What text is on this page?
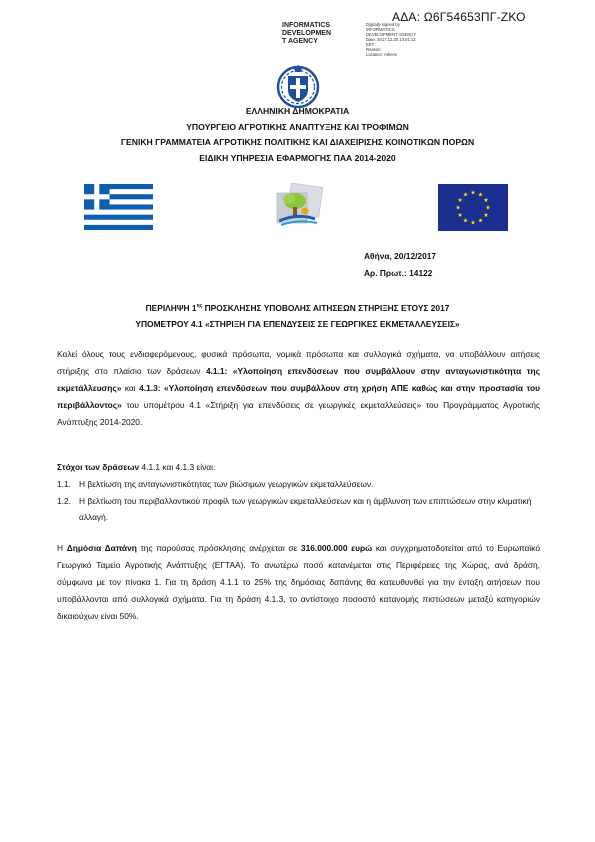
ΑΔΑ: Ω6Γ54653ΠΓ-ΖΚΟ
INFORMATICS
DEVELOPMEN
T AGENCY
Digitally signed by
INFORMATICS
DEVELOPMENT AGENCY
Date: 2017.12.20 14:01:12
EET
Reason:
Location: Athens
ΕΛΛΗΝΙΚΗ ΔΗΜΟΚΡΑΤΙΑ
ΥΠΟΥΡΓΕΙΟ ΑΓΡΟΤΙΚΗΣ ΑΝΑΠΤΥΞΗΣ ΚΑΙ ΤΡΟΦΙΜΩΝ
ΓΕΝΙΚΗ ΓΡΑΜΜΑΤΕΙΑ ΑΓΡΟΤΙΚΗΣ ΠΟΛΙΤΙΚΗΣ ΚΑΙ ΔΙΑΧΕΙΡΙΣΗΣ ΚΟΙΝΟΤΙΚΩΝ ΠΟΡΩΝ
ΕΙΔΙΚΗ ΥΠΗΡΕΣΙΑ ΕΦΑΡΜΟΓΗΣ ΠΑΑ 2014-2020
Αθήνα, 20/12/2017
Αρ. Πρωτ.: 14122
ΠΕΡΙΛΗΨΗ $1^{\eta\varsigma}$ ΠΡΟΣΚΛΗΣΗΣ ΥΠΟΒΟΛΗΣ ΑΙΤΗΣΕΩΝ ΣΤΗΡΙΞΗΣ ΕΤΟΥΣ 2017
ΥΠΟΜΕΤΡΟΥ 4.1 «ΣΤΗΡΙΞΗ ΓΙΑ ΕΠΕΝΔΥΣΕΙΣ ΣΕ ΓΕΩΡΓΙΚΕΣ ΕΚΜΕΤΑΛΛΕΥΣΕΙΣ»
Καλεί όλους τους ενδιαφερόμενους, φυσικά πρόσωπα, νομικά πρόσωπα και συλλογικά σχήματα, να υποβάλλουν αιτήσεις στήριξης στο πλαίσιο των δράσεων 4.1.1: «Υλοποίηση επενδύσεων που συμβάλλουν στην ανταγωνιστικότητα της εκμετάλλευσης» και 4.1.3: «Υλοποίηση επενδύσεων που συμβάλλουν στη χρήση ΑΠΕ καθώς και στην προστασία του περιβάλλοντος» του υπομέτρου 4.1 «Στήριξη για επενδύσεις σε γεωργικές εκμεταλλεύσεις» του Προγράμματος Αγροτικής Ανάπτυξης 2014-2020.
Στόχοι των δράσεων 4.1.1 και 4.1.3 είναι:
1.1. Η βελτίωση της ανταγωνιστικότητας των βιώσιμων γεωργικών εκμεταλλεύσεων.
1.2. Η βελτίωση του περιβαλλοντικού προφίλ των γεωργικών εκμεταλλεύσεων και η άμβλυνση των επιπτώσεων στην κλιματική αλλαγή.
Η Δημόσια Δαπάνη της παρούσας πρόσκλησης ανέρχεται σε 316.000.000 ευρώ και συγχρηματοδοτείται από το Ευρωπαϊκό Γεωργικό Ταμείο Αγροτικής Ανάπτυξης (ΕΓΤΑΑ). Το ανωτέρω ποσό κατανέμεται στις Περιφέρειες της Χώρας, ανά δράση, σύμφωνα με τον πίνακα 1. Για τη δράση 4.1.1 το 25% της δημόσιας δαπάνης θα κατευθυνθεί για την ένταξη αιτήσεων που υποβάλλονται από συλλογικά σχήματα. Για τη δράση 4.1.3, το αντίστοιχο ποσοστό κατανομής πιστώσεων μεταξύ κατηγοριών δικαιούχων είναι 50%.
